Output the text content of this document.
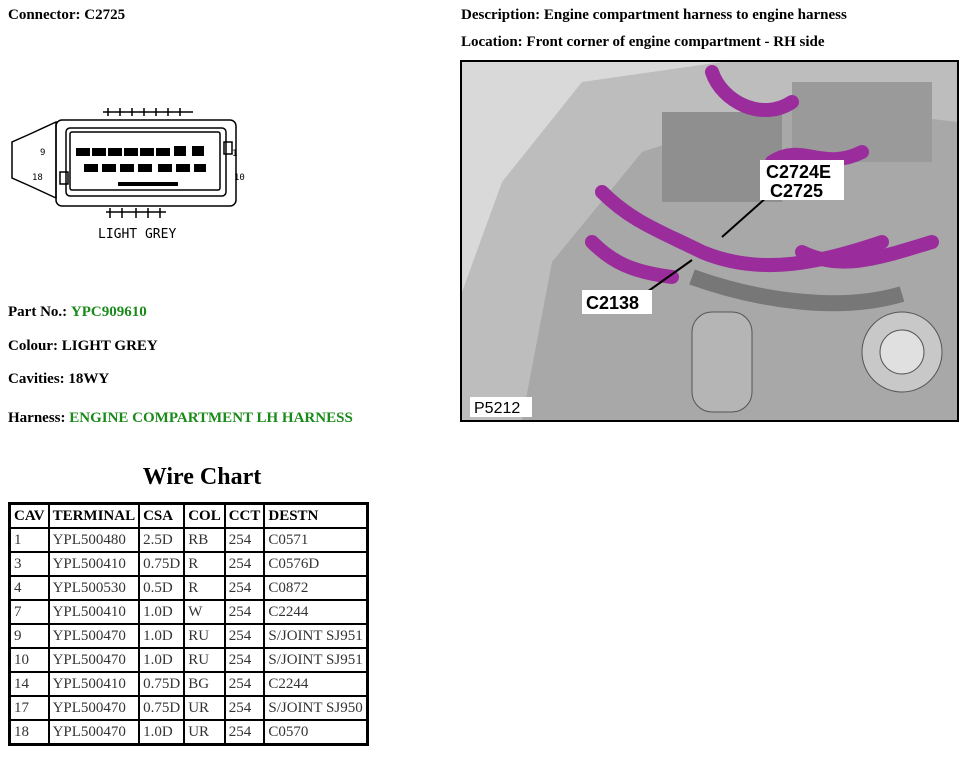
Connector: C2725	Description: Engine compartment harness to engine harness
Location: Front corner of engine compartment - RH side
9
18
1
10
LIGHT GREY
C2724E
C2725
C2138
P5212
Part No.: YPC909610
Colour: LIGHT GREY
Cavities: 18WY
Harness: ENGINE COMPARTMENT LH HARNESS
Wire Chart
CAV	TERMINAL	CSA	COL	CCT	DESTN
1	YPL500480	2.5D	RB	254	C0571
3	YPL500410	0.75D	R	254	C0576D
4	YPL500530	0.5D	R	254	C0872
7	YPL500410	1.0D	W	254	C2244
9	YPL500470	1.0D	RU	254	S/JOINT SJ951
10	YPL500470	1.0D	RU	254	S/JOINT SJ951
14	YPL500410	0.75D	BG	254	C2244
17	YPL500470	0.75D	UR	254	S/JOINT SJ950
18	YPL500470	1.0D	UR	254	C0570
